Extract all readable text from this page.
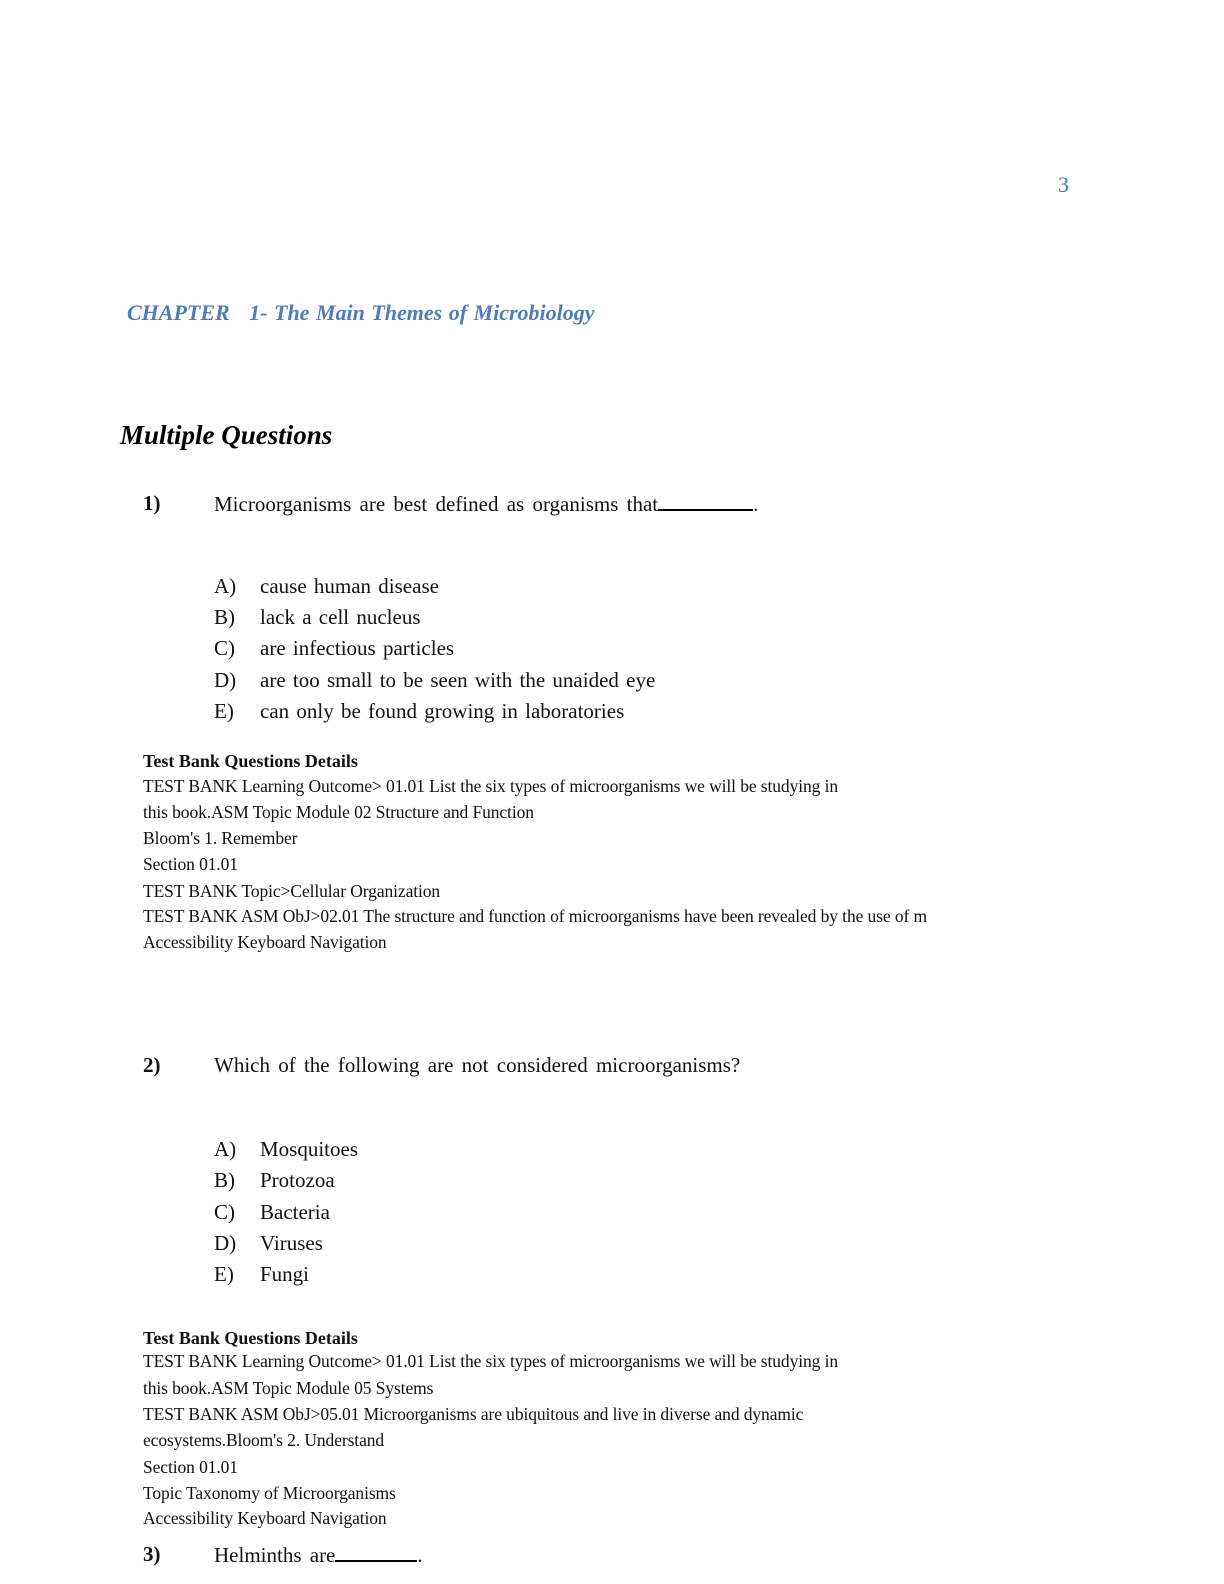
3
CHAPTER   1- The Main Themes of Microbiology
Multiple Questions
1)	Microorganisms are best defined as organisms that	.
A) cause human disease
B) lack a cell nucleus
C) are infectious particles
D) are too small to be seen with the unaided eye
E) can only be found growing in laboratories
Test Bank Questions Details
TEST BANK Learning Outcome> 01.01 List the six types of microorganisms we will be studying in
this book.ASM Topic Module 02 Structure and Function
Bloom's 1. Remember
Section 01.01
TEST BANK Topic>Cellular Organization
TEST BANK ASM ObJ>02.01 The structure and function of microorganisms have been revealed by the use of m
Accessibility Keyboard Navigation
2)	Which of the following are not considered microorganisms?
A) Mosquitoes
B) Protozoa
C) Bacteria
D) Viruses
E) Fungi
Test Bank Questions Details
TEST BANK Learning Outcome> 01.01 List the six types of microorganisms we will be studying in
this book.ASM Topic Module 05 Systems
TEST BANK ASM ObJ>05.01 Microorganisms are ubiquitous and live in diverse and dynamic
ecosystems.Bloom's 2. Understand
Section 01.01
Topic Taxonomy of Microorganisms
Accessibility Keyboard Navigation
3)	Helminths are	.
